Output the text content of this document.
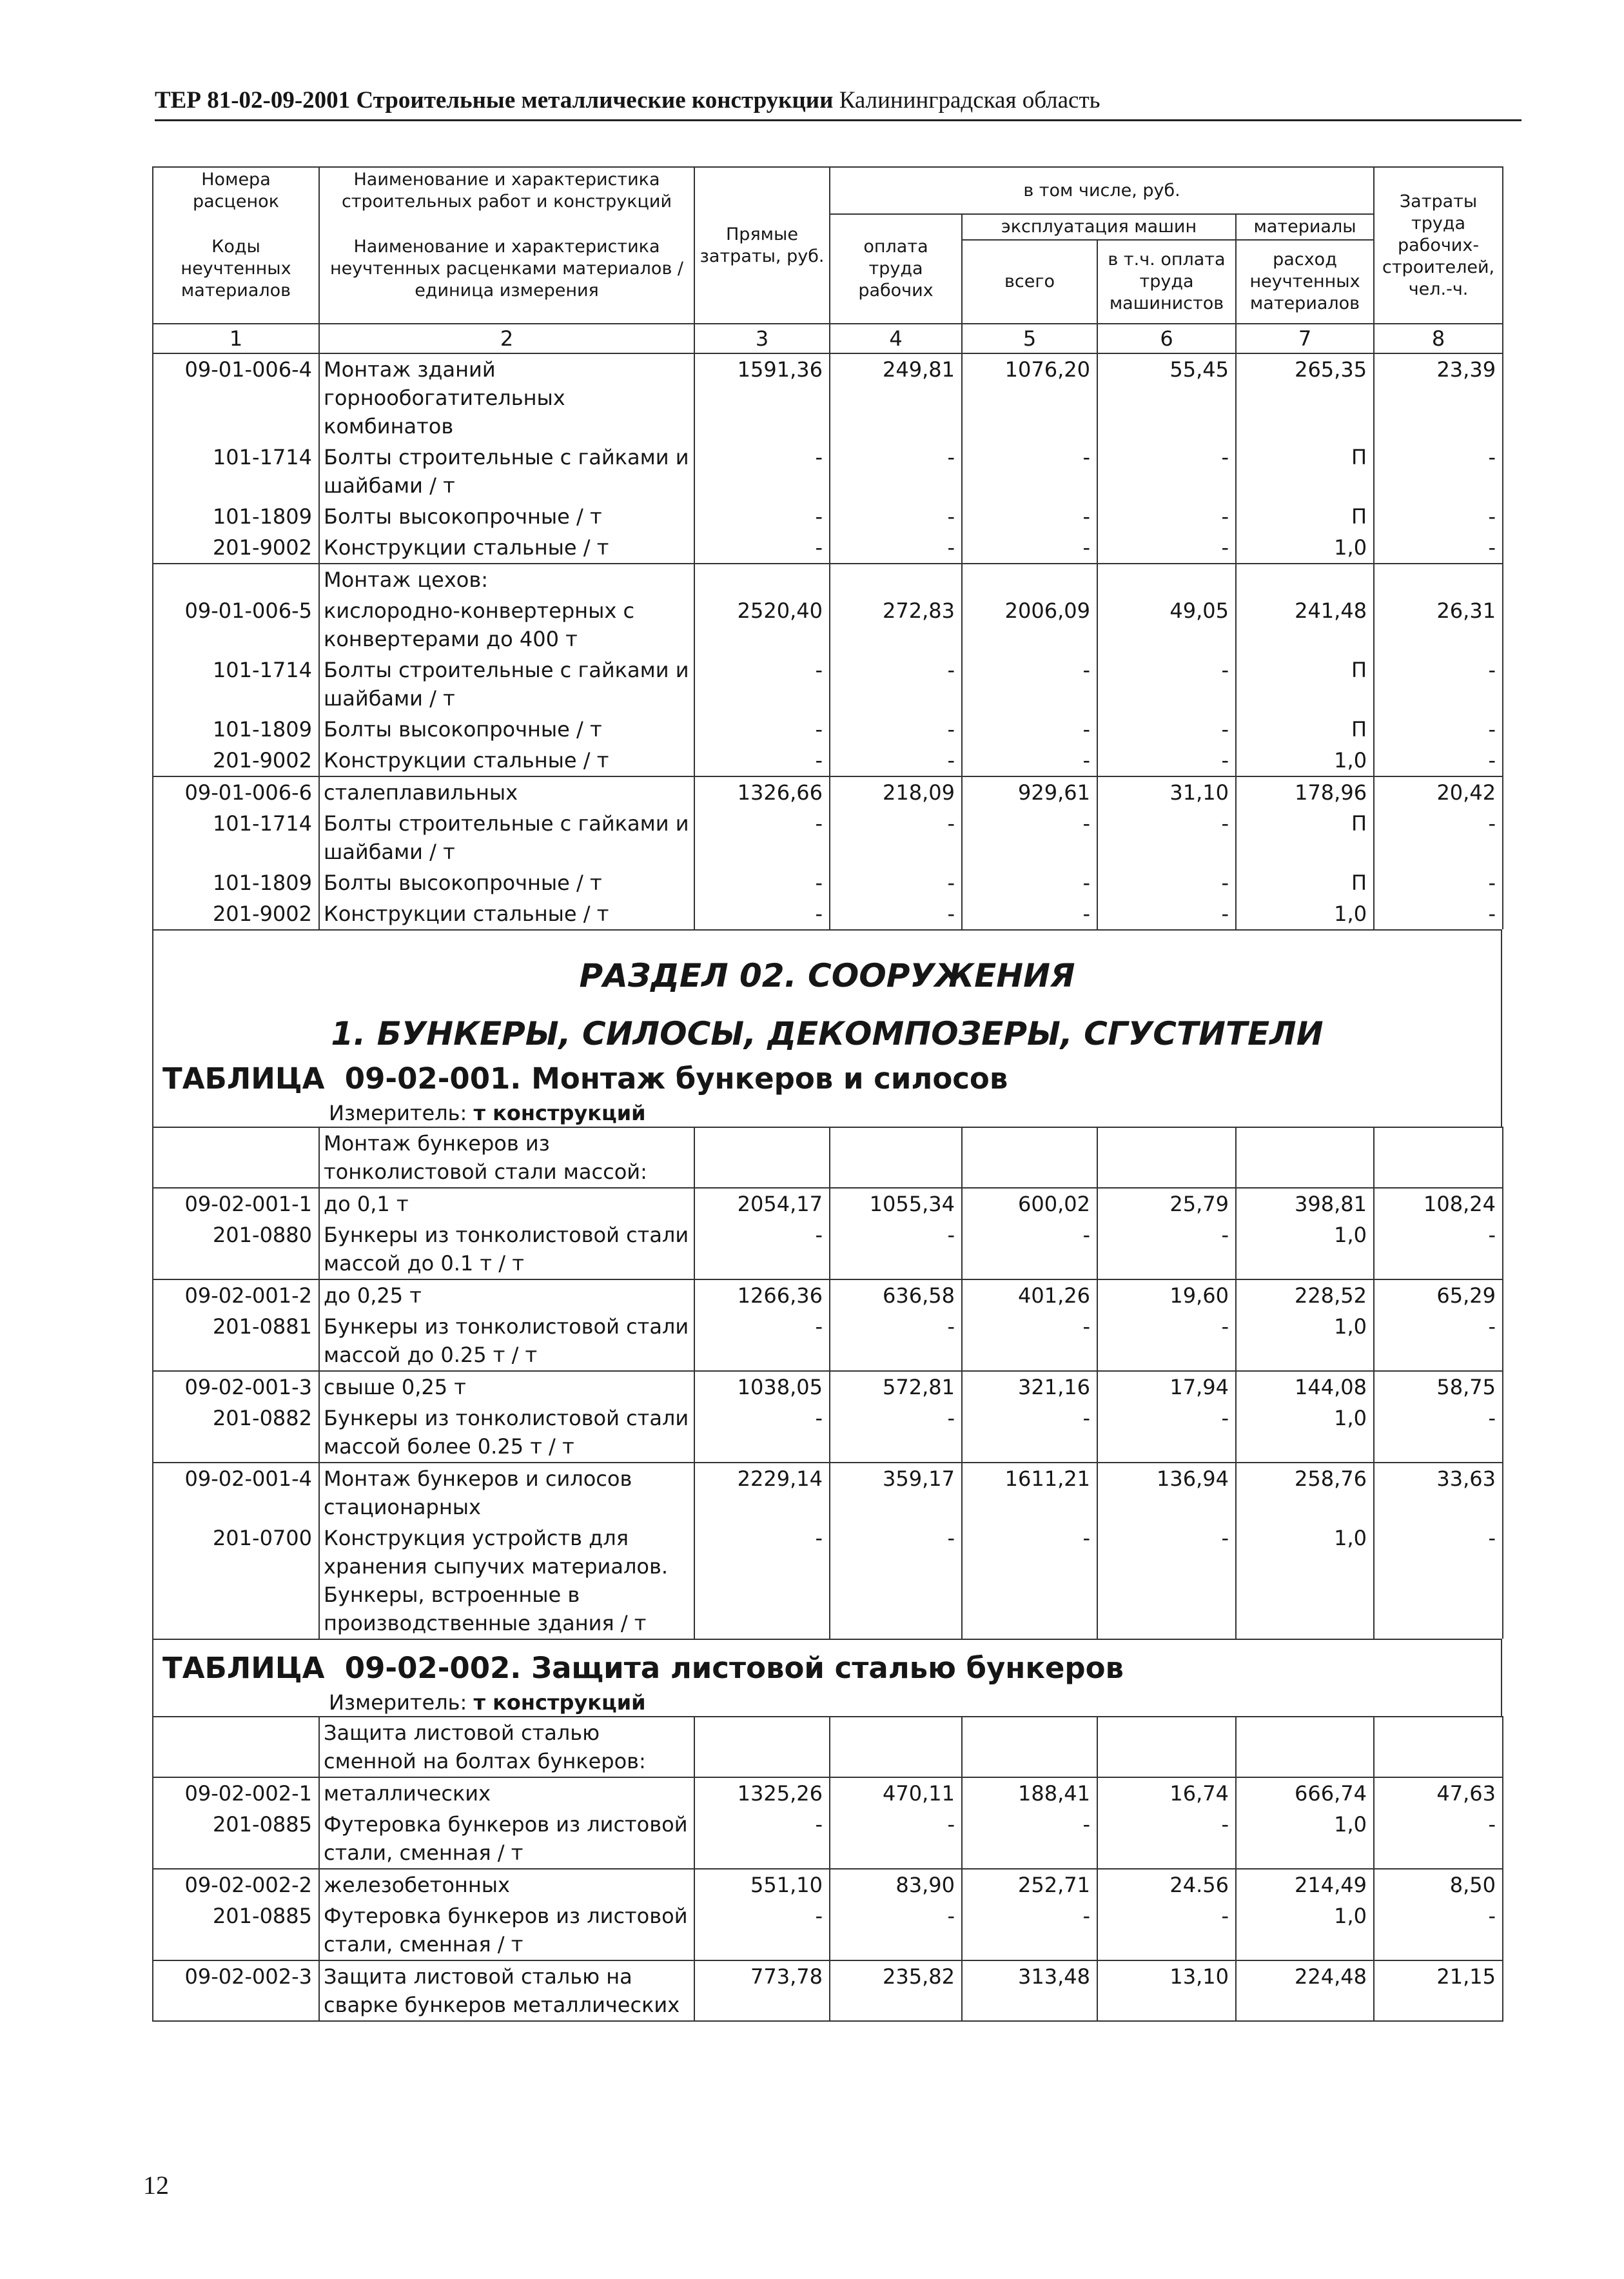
ТЕР 81-02-09-2001 Строительные металлические конструкции Калининградская область
Номера расценок	Наименование и характеристика строительных работ и конструкций	Прямые затраты, руб.	в том числе, руб.				Затраты труда рабочих-строителей, чел.-ч.
Коды неучтенных материалов	Наименование и характеристика неучтенных расценками материалов / единица измерения		оплата труда рабочих	эксплуатация машин		материалы	
				всего	в т.ч. оплата труда машинистов	расход неучтенных материалов	

1	2	3	4	5	6	7	8
09-01-006-4	Монтаж зданий горнообогатительных комбинатов	1591,36	249,81	1076,20	55,45	265,35	23,39
101-1714	Болты строительные с гайками и шайбами / т	-	-	-	-	П	-
101-1809	Болты высокопрочные / т	-	-	-	-	П	-
201-9002	Конструкции стальные / т	-	-	-	-	1,0	-
	Монтаж цехов:						
09-01-006-5	кислородно-конвертерных с конвертерами до 400 т	2520,40	272,83	2006,09	49,05	241,48	26,31
101-1714	Болты строительные с гайками и шайбами / т	-	-	-	-	П	-
101-1809	Болты высокопрочные / т	-	-	-	-	П	-
201-9002	Конструкции стальные / т	-	-	-	-	1,0	-
09-01-006-6	сталеплавильных	1326,66	218,09	929,61	31,10	178,96	20,42
101-1714	Болты строительные с гайками и шайбами / т	-	-	-	-	П	-
101-1809	Болты высокопрочные / т	-	-	-	-	П	-
201-9002	Конструкции стальные / т	-	-	-	-	1,0	-
РАЗДЕЛ 02. СООРУЖЕНИЯ
1. БУНКЕРЫ, СИЛОСЫ, ДЕКОМПОЗЕРЫ, СГУСТИТЕЛИ
ТАБЛИЦА 09-02-001. Монтаж бункеров и силосов
Измеритель: т конструкций
	Монтаж бункеров из тонколистовой стали массой:						
09-02-001-1	до 0,1 т	2054,17	1055,34	600,02	25,79	398,81	108,24
201-0880	Бункеры из тонколистовой стали массой до 0.1 т / т	-	-	-	-	1,0	-
09-02-001-2	до 0,25 т	1266,36	636,58	401,26	19,60	228,52	65,29
201-0881	Бункеры из тонколистовой стали массой до 0.25 т / т	-	-	-	-	1,0	-
09-02-001-3	свыше 0,25 т	1038,05	572,81	321,16	17,94	144,08	58,75
201-0882	Бункеры из тонколистовой стали массой более 0.25 т / т	-	-	-	-	1,0	-
09-02-001-4	Монтаж бункеров и силосов стационарных	2229,14	359,17	1611,21	136,94	258,76	33,63
201-0700	Конструкция устройств для хранения сыпучих материалов. Бункеры, встроенные в производственные здания / т	-	-	-	-	1,0	-
ТАБЛИЦА 09-02-002. Защита листовой сталью бункеров
Измеритель: т конструкций
	Защита листовой сталью сменной на болтах бункеров:						
09-02-002-1	металлических	1325,26	470,11	188,41	16,74	666,74	47,63
201-0885	Футеровка бункеров из листовой стали, сменная / т	-	-	-	-	1,0	-
09-02-002-2	железобетонных	551,10	83,90	252,71	24.56	214,49	8,50
201-0885	Футеровка бункеров из листовой стали, сменная / т	-	-	-	-	1,0	-
09-02-002-3	Защита листовой сталью на сварке бункеров металлических	773,78	235,82	313,48	13,10	224,48	21,15
12
